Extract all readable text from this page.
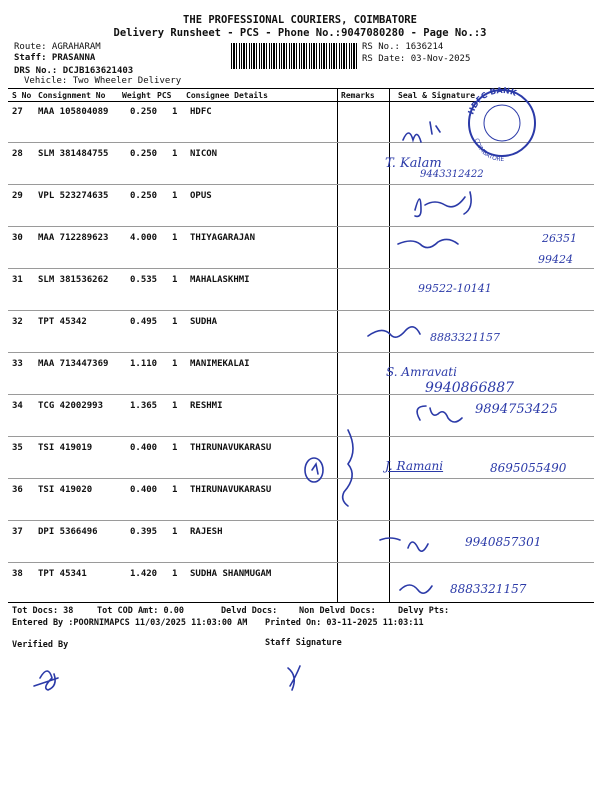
THE PROFESSIONAL COURIERS, COIMBATORE
Delivery Runsheet - PCS - Phone No.:9047080280 - Page No.:3
Route: AGRAHARAM
Staff: PRASANNA
DRS No.: DCJB163621403
Vehicle: Two Wheeler Delivery
RS No.: 1636214
RS Date: 03-Nov-2025
S No Consignment No Weight PCS Consignee Details	Remarks	Seal & Signature
27 MAA 105804089 0.250 1 HDFC
28 SLM 381484755 0.250 1 NICON
29 VPL 523274635 0.250 1 OPUS
30 MAA 712289623 4.000 1 THIYAGARAJAN
31 SLM 381536262 0.535 1 MAHALASKHMI
32 TPT 45342	0.495 1 SUDHA
33 MAA 713447369 1.110 1 MANIMEKALAI
34 TCG 42002993	1.365 1 RESHMI
35 TSI 419019	0.400 1 THIRUNAVUKARASU
36 TSI 419020	0.400 1 THIRUNAVUKARASU
37 DPI 5366496	0.395 1 RAJESH
38 TPT 45341	1.420 1 SUDHA SHANMUGAM
Tot Docs: 38	Tot COD Amt: 0.00	Delvd Docs:	Non Delvd Docs:	Delvy Pts:
Entered By :POORNIMAPCS 11/03/2025 11:03:00 AM Printed On: 03-11-2025 11:03:11
Verified By	Staff Signature
HDFC BANK
COIMBATORE
T. Kalam
9443312422
26351
99424
99522-10141
8883321157
S. Amravati
9940866887
9894753425
J. Ramani	8695055490
9940857301
8883321157
